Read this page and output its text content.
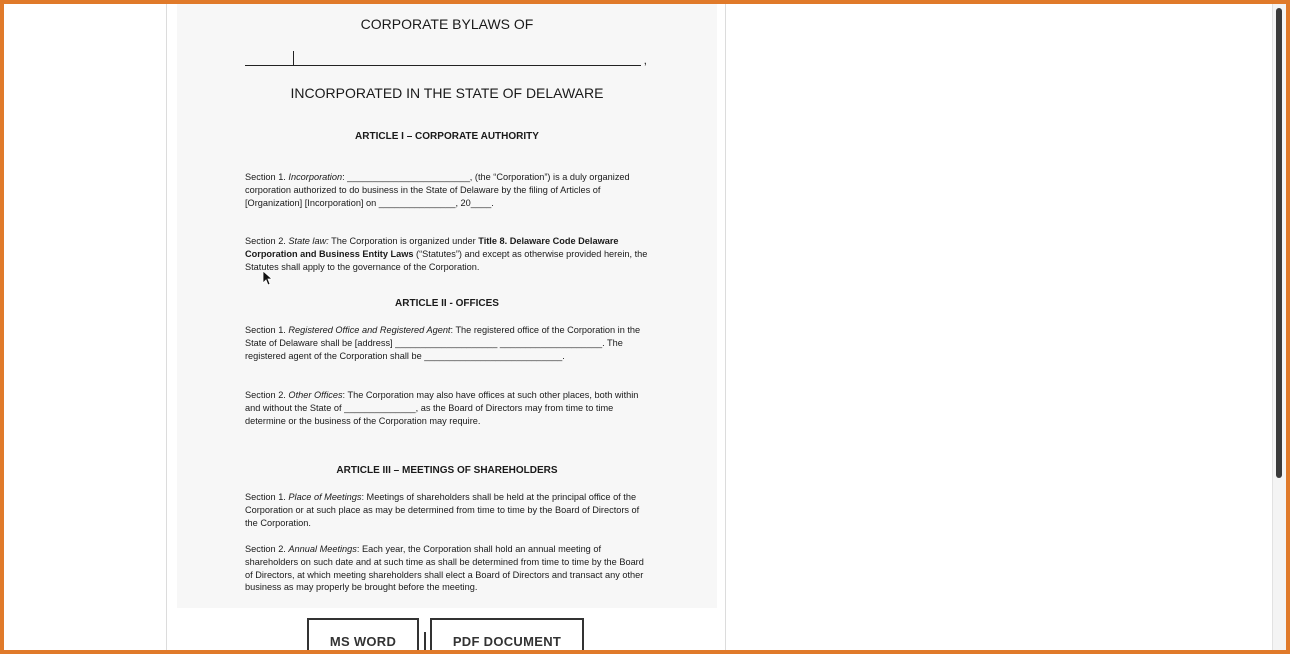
CORPORATE BYLAWS OF
,
INCORPORATED IN THE STATE OF DELAWARE
ARTICLE I – CORPORATE AUTHORITY
Section 1. Incorporation: ________________________, (the “Corporation”) is a duly organized corporation authorized to do business in the State of Delaware by the filing of Articles of [Organization] [Incorporation] on _______________, 20____.
Section 2. State law: The Corporation is organized under Title 8. Delaware Code Delaware Corporation and Business Entity Laws (“Statutes”) and except as otherwise provided herein, the Statutes shall apply to the governance of the Corporation.
ARTICLE II - OFFICES
Section 1. Registered Office and Registered Agent: The registered office of the Corporation in the State of Delaware shall be [address] ____________________ ____________________. The registered agent of the Corporation shall be ___________________________.
Section 2. Other Offices: The Corporation may also have offices at such other places, both within and without the State of ______________, as the Board of Directors may from time to time determine or the business of the Corporation may require.
ARTICLE III – MEETINGS OF SHAREHOLDERS
Section 1. Place of Meetings: Meetings of shareholders shall be held at the principal office of the Corporation or at such place as may be determined from time to time by the Board of Directors of the Corporation.
Section 2. Annual Meetings: Each year, the Corporation shall hold an annual meeting of shareholders on such date and at such time as shall be determined from time to time by the Board of Directors, at which meeting shareholders shall elect a Board of Directors and transact any other business as may properly be brought before the meeting.
MS WORD	PDF DOCUMENT
